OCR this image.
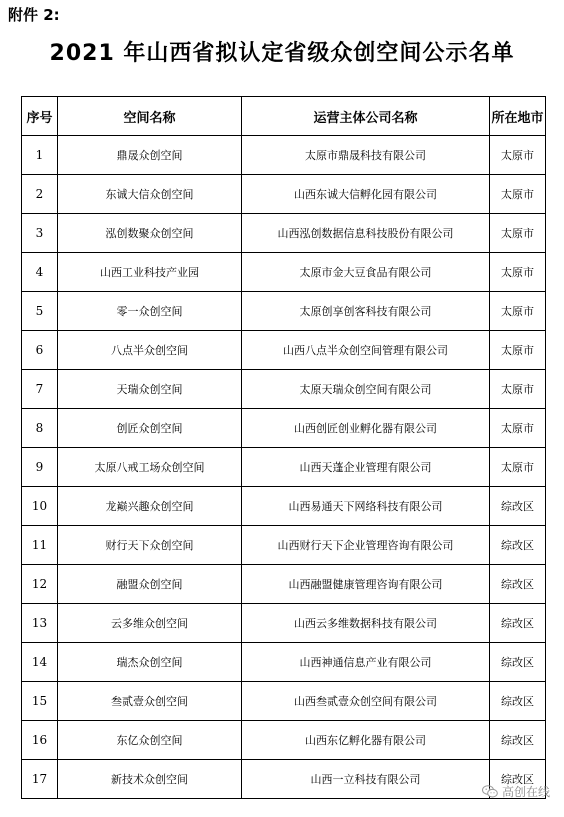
附件 2:
2021 年山西省拟认定省级众创空间公示名单
序号	空间名称	运营主体公司名称	所在地市
1	鼎晟众创空间	太原市鼎晟科技有限公司	太原市
2	东诚大信众创空间	山西东诚大信孵化园有限公司	太原市
3	泓创数聚众创空间	山西泓创数据信息科技股份有限公司	太原市
4	山西工业科技产业园	太原市金大豆食品有限公司	太原市
5	零一众创空间	太原创享创客科技有限公司	太原市
6	八点半众创空间	山西八点半众创空间管理有限公司	太原市
7	天瑞众创空间	太原天瑞众创空间有限公司	太原市
8	创匠众创空间	山西创匠创业孵化器有限公司	太原市
9	太原八戒工场众创空间	山西天蓬企业管理有限公司	太原市
10	龙巅兴趣众创空间	山西易通天下网络科技有限公司	综改区
11	财行天下众创空间	山西财行天下企业管理咨询有限公司	综改区
12	融盟众创空间	山西融盟健康管理咨询有限公司	综改区
13	云多维众创空间	山西云多维数据科技有限公司	综改区
14	瑞杰众创空间	山西神通信息产业有限公司	综改区
15	叁贰壹众创空间	山西叁贰壹众创空间有限公司	综改区
16	东亿众创空间	山西东亿孵化器有限公司	综改区
17	新技术众创空间	山西一立科技有限公司	综改区
高创在线
